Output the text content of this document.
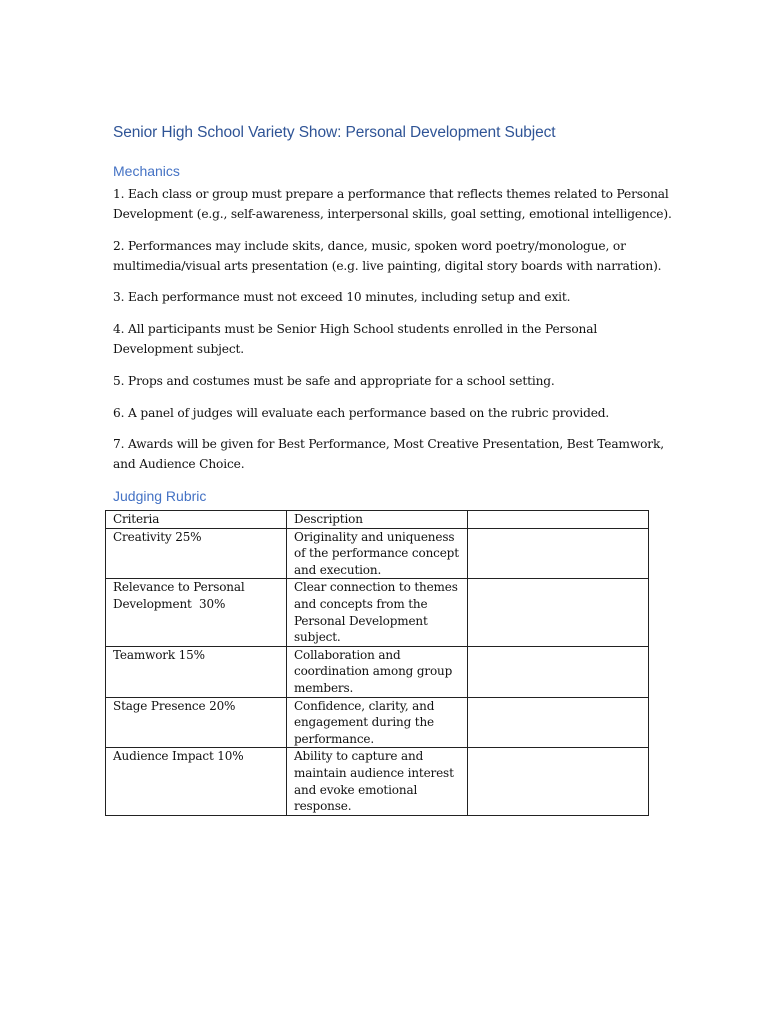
Senior High School Variety Show: Personal Development Subject
Mechanics
1. Each class or group must prepare a performance that reflects themes related to Personal
Development (e.g., self-awareness, interpersonal skills, goal setting, emotional intelligence).
2. Performances may include skits, dance, music, spoken word poetry/monologue, or
multimedia/visual arts presentation (e.g. live painting, digital story boards with narration).
3. Each performance must not exceed 10 minutes, including setup and exit.
4. All participants must be Senior High School students enrolled in the Personal
Development subject.
5. Props and costumes must be safe and appropriate for a school setting.
6. A panel of judges will evaluate each performance based on the rubric provided.
7. Awards will be given for Best Performance, Most Creative Presentation, Best Teamwork,
and Audience Choice.
Judging Rubric
Criteria	Description	

Creativity 25%	Originality and uniqueness
of the performance concept
and execution.	

Relevance to Personal
Development  30%	Clear connection to themes
and concepts from the
Personal Development
subject.	

Teamwork 15%	Collaboration and
coordination among group
members.	

Stage Presence 20%	Confidence, clarity, and
engagement during the
performance.	

Audience Impact 10%	Ability to capture and
maintain audience interest
and evoke emotional
response.	
